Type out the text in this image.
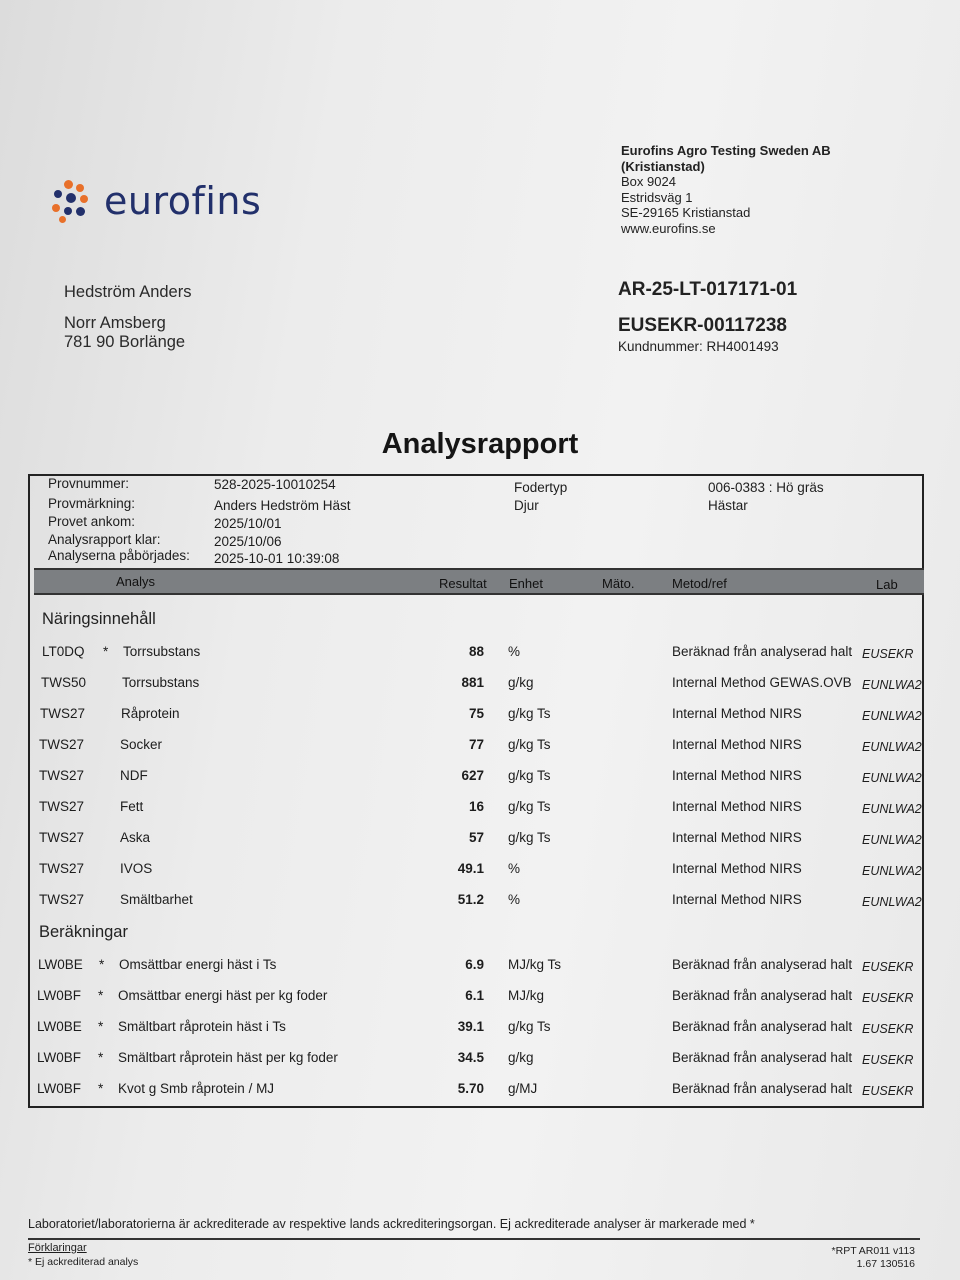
eurofins
Eurofins Agro Testing Sweden AB
(Kristianstad)
Box 9024
Estridsväg 1
SE-29165 Kristianstad
www.eurofins.se
Hedström Anders
Norr Amsberg
781 90 Borlänge
AR-25-LT-017171-01
EUSEKR-00117238
Kundnummer: RH4001493
Analysrapport
Provnummer:	528-2025-10010254
Provmärkning:	Anders Hedström Häst
Provet ankom:	2025/10/01
Analysrapport klar:	2025/10/06
Analyserna påbörjades: 2025-10-01 10:39:08
Fodertyp	006-0383 : Hö gräs
Djur	Hästar
Analys	Resultat Enhet	Mäto.	Metod/ref	Lab
Näringsinnehåll
LT0DQ * Torrsubstans	88 %	Beräknad från analyserad halt EUSEKR
TWS50	Torrsubstans	881 g/kg	Internal Method GEWAS.OVB EUNLWA2
TWS27	Råprotein	75 g/kg Ts	Internal Method NIRS	EUNLWA2
TWS27	Socker	77 g/kg Ts	Internal Method NIRS	EUNLWA2
TWS27	NDF	627 g/kg Ts	Internal Method NIRS	EUNLWA2
TWS27	Fett	16 g/kg Ts	Internal Method NIRS	EUNLWA2
TWS27	Aska	57 g/kg Ts	Internal Method NIRS	EUNLWA2
TWS27	IVOS	49.1 %	Internal Method NIRS	EUNLWA2
TWS27	Smältbarhet	51.2 %	Internal Method NIRS	EUNLWA2
Beräkningar
LW0BE * Omsättbar energi häst i Ts	6.9 MJ/kg Ts	Beräknad från analyserad halt EUSEKR
LW0BF * Omsättbar energi häst per kg foder	6.1 MJ/kg	Beräknad från analyserad halt EUSEKR
LW0BE * Smältbart råprotein häst i Ts	39.1 g/kg Ts	Beräknad från analyserad halt EUSEKR
LW0BF * Smältbart råprotein häst per kg foder	34.5 g/kg	Beräknad från analyserad halt EUSEKR
LW0BF * Kvot g Smb råprotein / MJ	5.70 g/MJ	Beräknad från analyserad halt EUSEKR
Laboratoriet/laboratorierna är ackrediterade av respektive lands ackrediteringsorgan. Ej ackrediterade analyser är markerade med *
Förklaringar
* Ej ackrediterad analys
*RPT AR011 v113
1.67 130516
